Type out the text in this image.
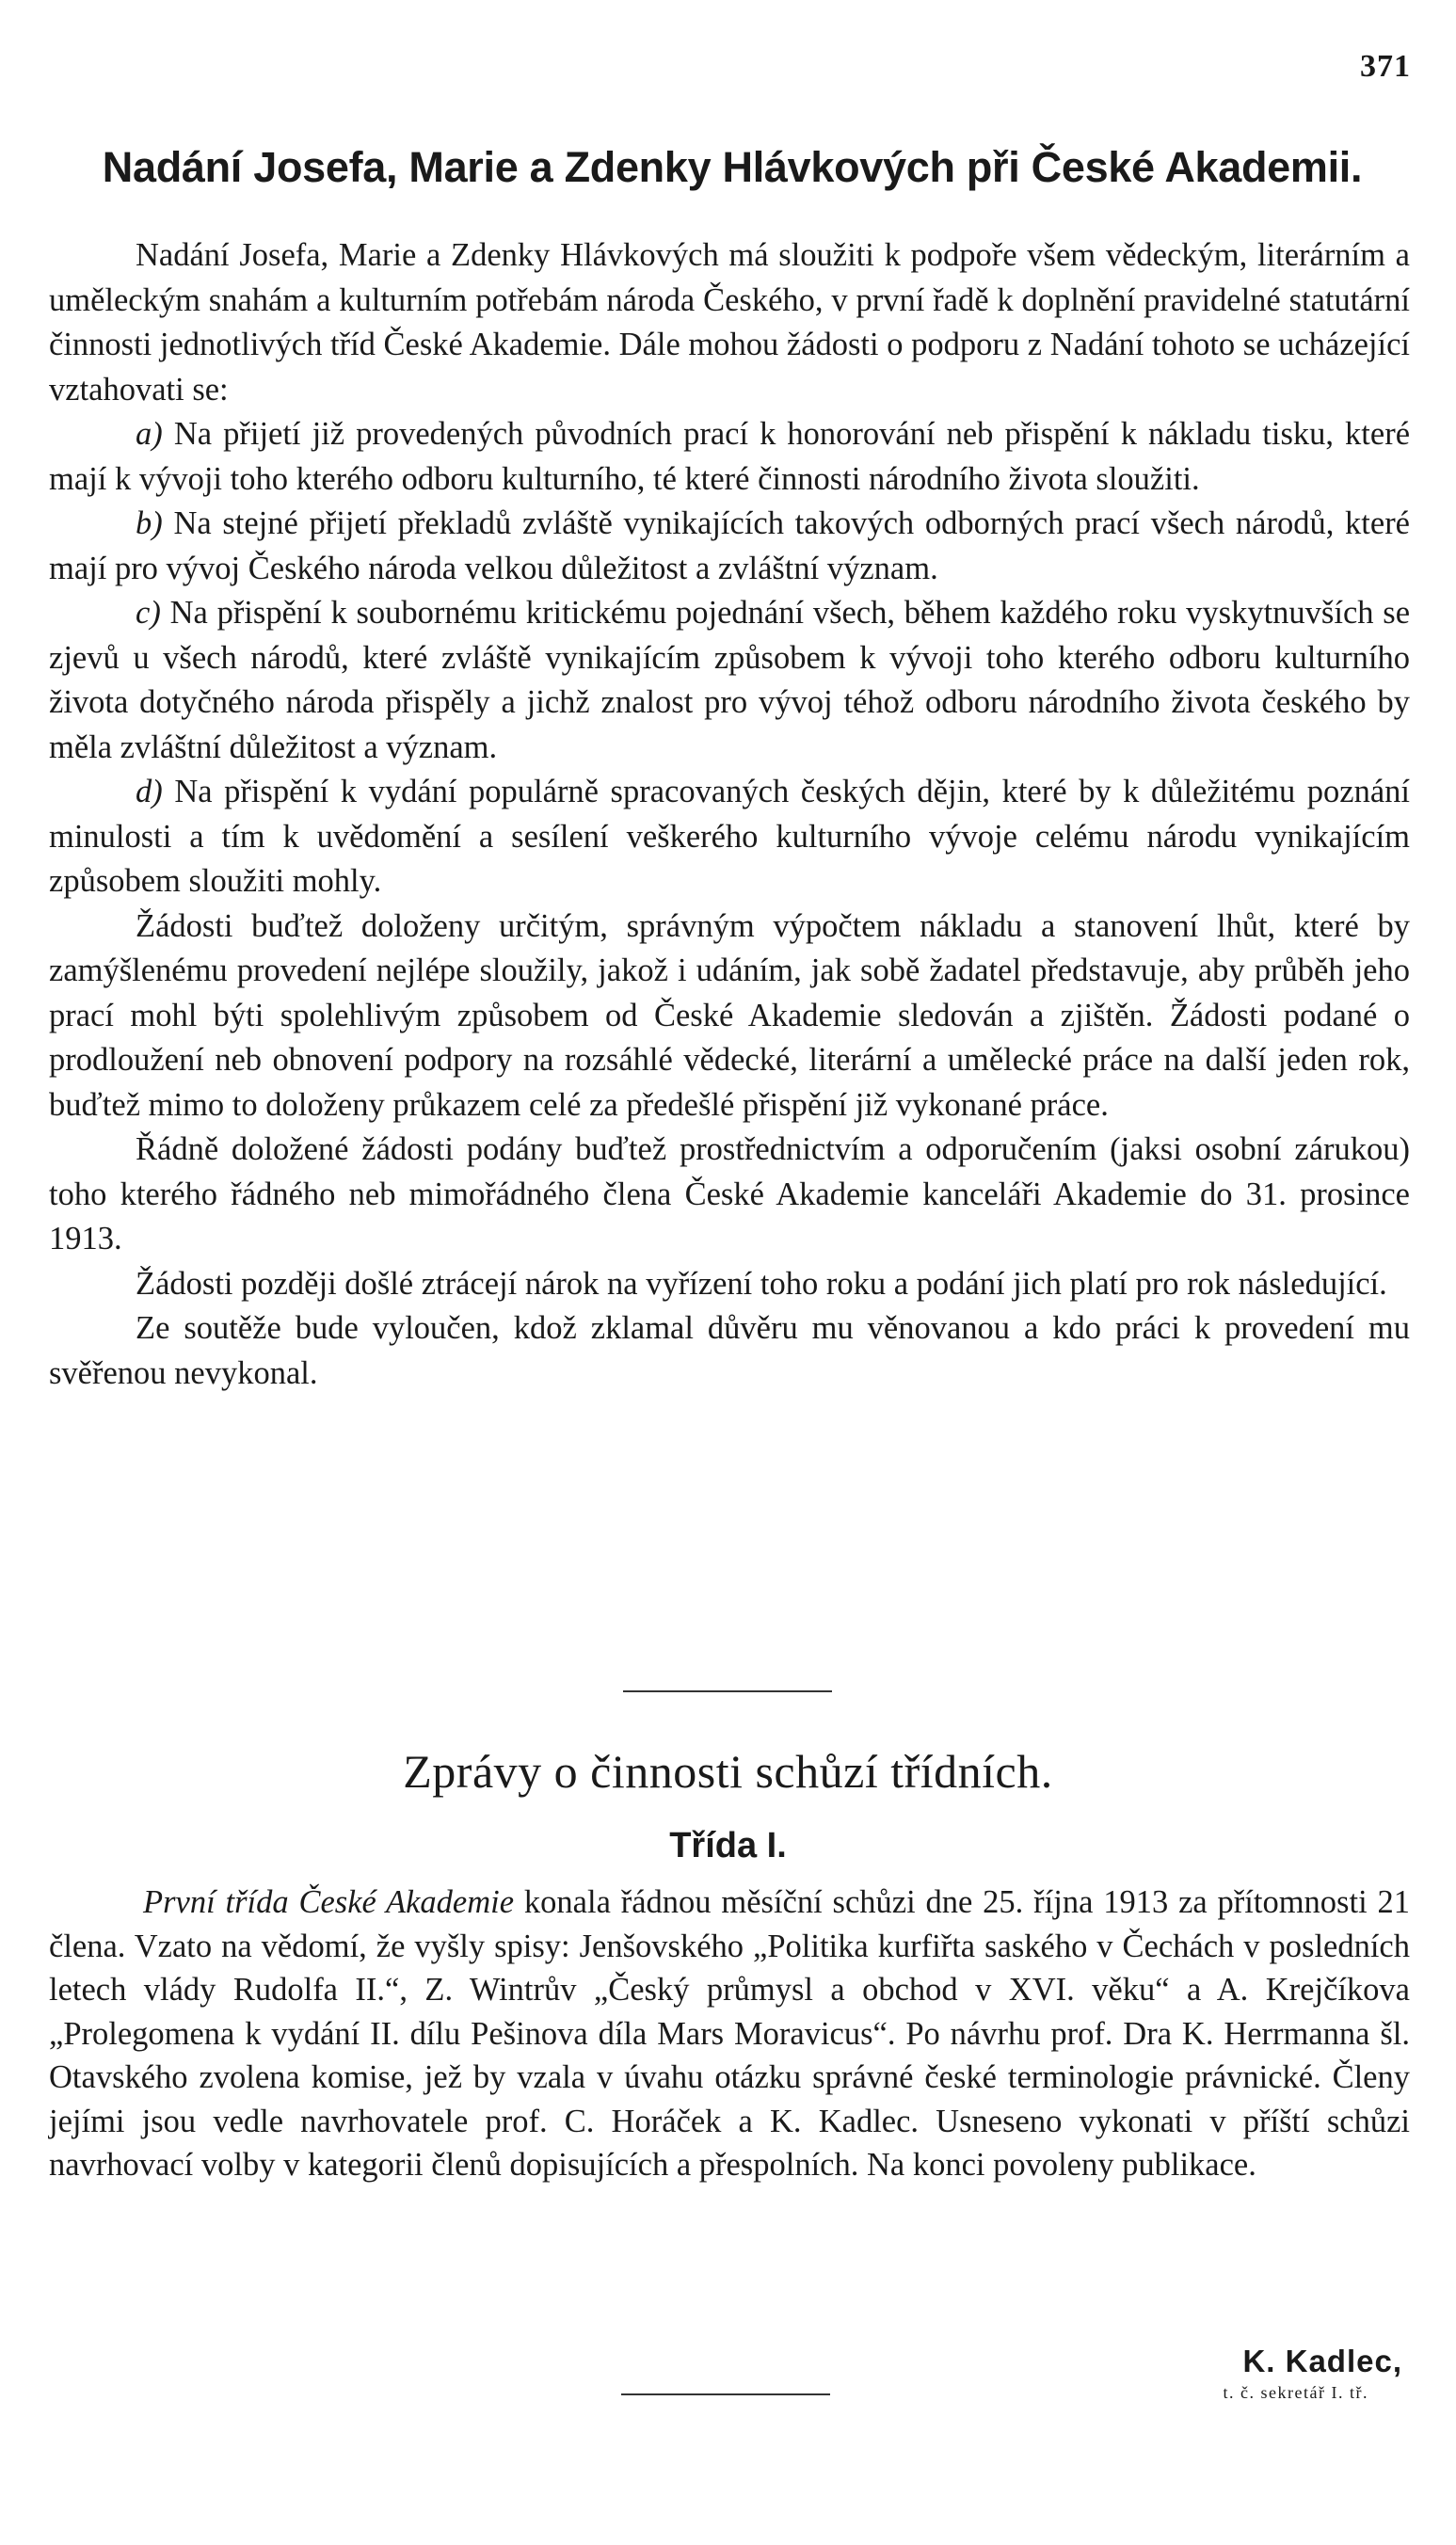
371
Nadání Josefa, Marie a Zdenky Hlávkových při České Akademii.

Nadání Josefa, Marie a Zdenky Hlávkových má sloužiti k podpoře všem vědeckým, literárním a uměleckým snahám a kulturním potřebám národa Českého, v první řadě k doplnění pravidelné statutární činnosti jednotlivých tříd České Akademie. Dále mohou žádosti o podporu z Nadání tohoto se ucházející vztahovati se:

a) Na přijetí již provedených původních prací k honorování neb přispění k nákladu tisku, které mají k vývoji toho kterého odboru kulturního, té které činnosti národního života sloužiti.

b) Na stejné přijetí překladů zvláště vynikajících takových odborných prací všech národů, které mají pro vývoj Českého národa velkou důležitost a zvláštní význam.

c) Na přispění k soubornému kritickému pojednání všech, během každého roku vyskytnuvších se zjevů u všech národů, které zvláště vynikajícím způsobem k vývoji toho kterého odboru kulturního života dotyčného národa přispěly a jichž znalost pro vývoj téhož odboru národního života českého by měla zvláštní důležitost a význam.

d) Na přispění k vydání populárně spracovaných českých dějin, které by k důležitému poznání minulosti a tím k uvědomění a sesílení veškerého kulturního vývoje celému národu vynikajícím způsobem sloužiti mohly.

Žádosti buďtež doloženy určitým, správným výpočtem nákladu a stanovení lhůt, které by zamýšlenému provedení nejlépe sloužily, jakož i udáním, jak sobě žadatel představuje, aby průběh jeho prací mohl býti spolehlivým způsobem od České Akademie sledován a zjištěn. Žádosti podané o prodloužení neb obnovení podpory na rozsáhlé vědecké, literární a umělecké práce na další jeden rok, buďtež mimo to doloženy průkazem celé za předešlé přispění již vykonané práce.

Řádně doložené žádosti podány buďtež prostřednictvím a odporučením (jaksi osobní zárukou) toho kterého řádného neb mimořádného člena České Akademie kanceláři Akademie do 31. prosince 1913.

Žádosti později došlé ztrácejí nárok na vyřízení toho roku a podání jich platí pro rok následující.

Ze soutěže bude vyloučen, kdož zklamal důvěru mu věnovanou a kdo práci k provedení mu svěřenou nevykonal.

Zprávy o činnosti schůzí třídních.
Třída I.

První třída České Akademie konala řádnou měsíční schůzi dne 25. října 1913 za přítomnosti 21 člena. Vzato na vědomí, že vyšly spisy: Jenšovského „Politika kurfiřta saského v Čechách v posledních letech vlády Rudolfa II.“, Z. Wintrův „Český průmysl a obchod v XVI. věku“ a A. Krejčíkova „Prolegomena k vydání II. dílu Pešinova díla Mars Moravicus“. Po návrhu prof. Dra K. Herrmanna šl. Otavského zvolena komise, jež by vzala v úvahu otázku správné české terminologie právnické. Členy jejími jsou vedle navrhovatele prof. C. Horáček a K. Kadlec. Usneseno vykonati v příští schůzi navrhovací volby v kategorii členů dopisujících a přespolních. Na konci povoleny publikace.

K. Kadlec,
t. č. sekretář I. tř.
